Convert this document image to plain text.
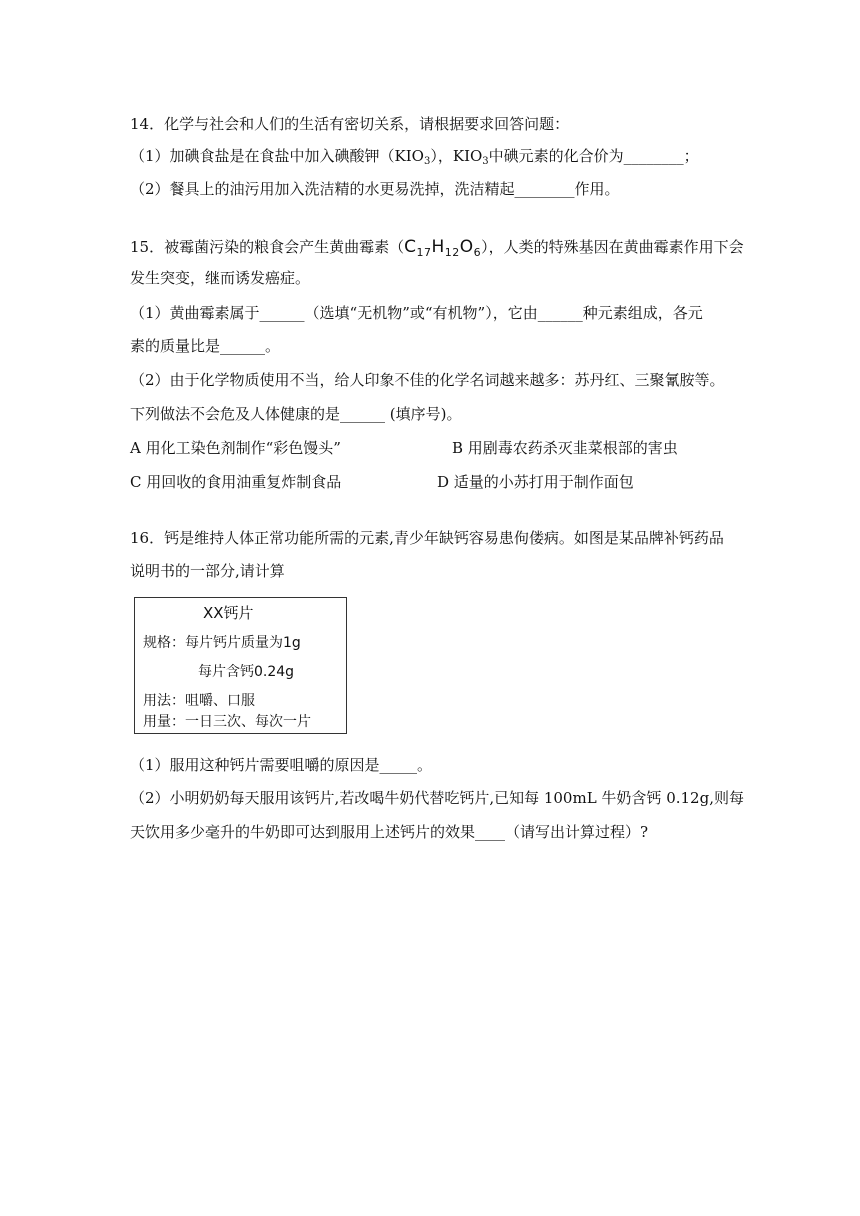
14．化学与社会和人们的生活有密切关系，请根据要求回答问题：
（1）加碘食盐是在食盐中加入碘酸钾$(KIO_3)$，$KIO_3$中碘元素的化合价为________；
（2）餐具上的油污用加入洗洁精的水更易洗掉，洗洁精起________作用。
15．被霉菌污染的粮食会产生黄曲霉素$(C_{17}H_{12}O_6)$，人类的特殊基因在黄曲霉素作用下会
发生突变，继而诱发癌症。
（1）黄曲霉素属于______（选填“无机物”或“有机物”），它由______种元素组成，各元
素的质量比是______。
（2）由于化学物质使用不当，给人印象不佳的化学名词越来越多：苏丹红、三聚氰胺等。
下列做法不会危及人体健康的是______ (填序号)。
A 用化工染色剂制作“彩色馒头”	B 用剧毒农药杀灭韭菜根部的害虫
C 用回收的食用油重复炸制食品	D 适量的小苏打用于制作面包
16．钙是维持人体正常功能所需的元素,青少年缺钙容易患佝偻病。如图是某品牌补钙药品
说明书的一部分,请计算
XX钙片
规格：每片钙片质量为1g
每片含钙0.24g
用法：咀嚼、口服
用量：一日三次、每次一片
（1）服用这种钙片需要咀嚼的原因是_____。
（2）小明奶奶每天服用该钙片,若改喝牛奶代替吃钙片,已知每 100mL 牛奶含钙 0.12g,则每
天饮用多少毫升的牛奶即可达到服用上述钙片的效果____（请写出计算过程）?
